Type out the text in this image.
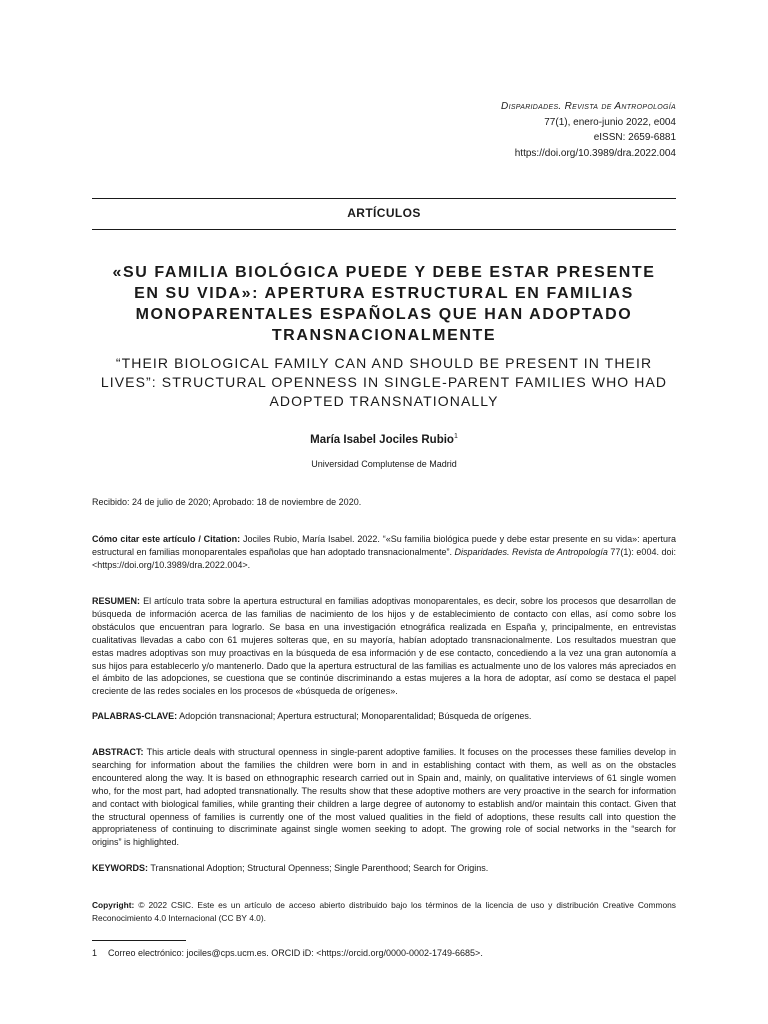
Disparidades. Revista de Antropología
77(1), enero-junio 2022, e004
eISSN: 2659-6881
https://doi.org/10.3989/dra.2022.004
ARTÍCULOS
«SU FAMILIA BIOLÓGICA PUEDE Y DEBE ESTAR PRESENTE EN SU VIDA»: APERTURA ESTRUCTURAL EN FAMILIAS MONOPARENTALES ESPAÑOLAS QUE HAN ADOPTADO TRANSNACIONALMENTE
“THEIR BIOLOGICAL FAMILY CAN AND SHOULD BE PRESENT IN THEIR LIVES”: STRUCTURAL OPENNESS IN SINGLE-PARENT FAMILIES WHO HAD ADOPTED TRANSNATIONALLY
María Isabel Jociles Rubio$^1$
Universidad Complutense de Madrid
Recibido: 24 de julio de 2020; Aprobado: 18 de noviembre de 2020.
Cómo citar este artículo / Citation: Jociles Rubio, María Isabel. 2022. “«Su familia biológica puede y debe estar presente en su vida»: apertura estructural en familias monoparentales españolas que han adoptado transnacionalmente”. Disparidades. Revista de Antropología 77(1): e004. doi: <https://doi.org/10.3989/dra.2022.004>.
RESUMEN: El artículo trata sobre la apertura estructural en familias adoptivas monoparentales, es decir, sobre los procesos que desarrollan de búsqueda de información acerca de las familias de nacimiento de los hijos y de establecimiento de contacto con ellas, así como sobre los obstáculos que encuentran para lograrlo. Se basa en una investigación etnográfica realizada en España y, principalmente, en entrevistas cualitativas llevadas a cabo con 61 mujeres solteras que, en su mayoría, habían adoptado transnacionalmente. Los resultados muestran que estas madres adoptivas son muy proactivas en la búsqueda de esa información y de ese contacto, concediendo a la vez una gran autonomía a sus hijos para establecerlo y/o mantenerlo. Dado que la apertura estructural de las familias es actualmente uno de los valores más apreciados en el ámbito de las adopciones, se cuestiona que se continúe discriminando a estas mujeres a la hora de adoptar, así como se destaca el papel creciente de las redes sociales en los procesos de «búsqueda de orígenes».
PALABRAS-CLAVE: Adopción transnacional; Apertura estructural; Monoparentalidad; Búsqueda de orígenes.
ABSTRACT: This article deals with structural openness in single-parent adoptive families. It focuses on the processes these families develop in searching for information about the families the children were born in and in establishing contact with them, as well as on the obstacles encountered along the way. It is based on ethnographic research carried out in Spain and, mainly, on qualitative interviews of 61 single women who, for the most part, had adopted transnationally. The results show that these adoptive mothers are very proactive in the search for information and contact with biological families, while granting their children a large degree of autonomy to establish and/or maintain this contact. Given that the structural openness of families is currently one of the most valued qualities in the field of adoptions, these results call into question the appropriateness of continuing to discriminate against single women seeking to adopt. The growing role of social networks in the “search for origins” is highlighted.
KEYWORDS: Transnational Adoption; Structural Openness; Single Parenthood; Search for Origins.
Copyright: © 2022 CSIC. Este es un artículo de acceso abierto distribuido bajo los términos de la licencia de uso y distribución Creative Commons Reconocimiento 4.0 Internacional (CC BY 4.0).
1 Correo electrónico: jociles@cps.ucm.es. ORCID iD: <https://orcid.org/0000-0002-1749-6685>.
